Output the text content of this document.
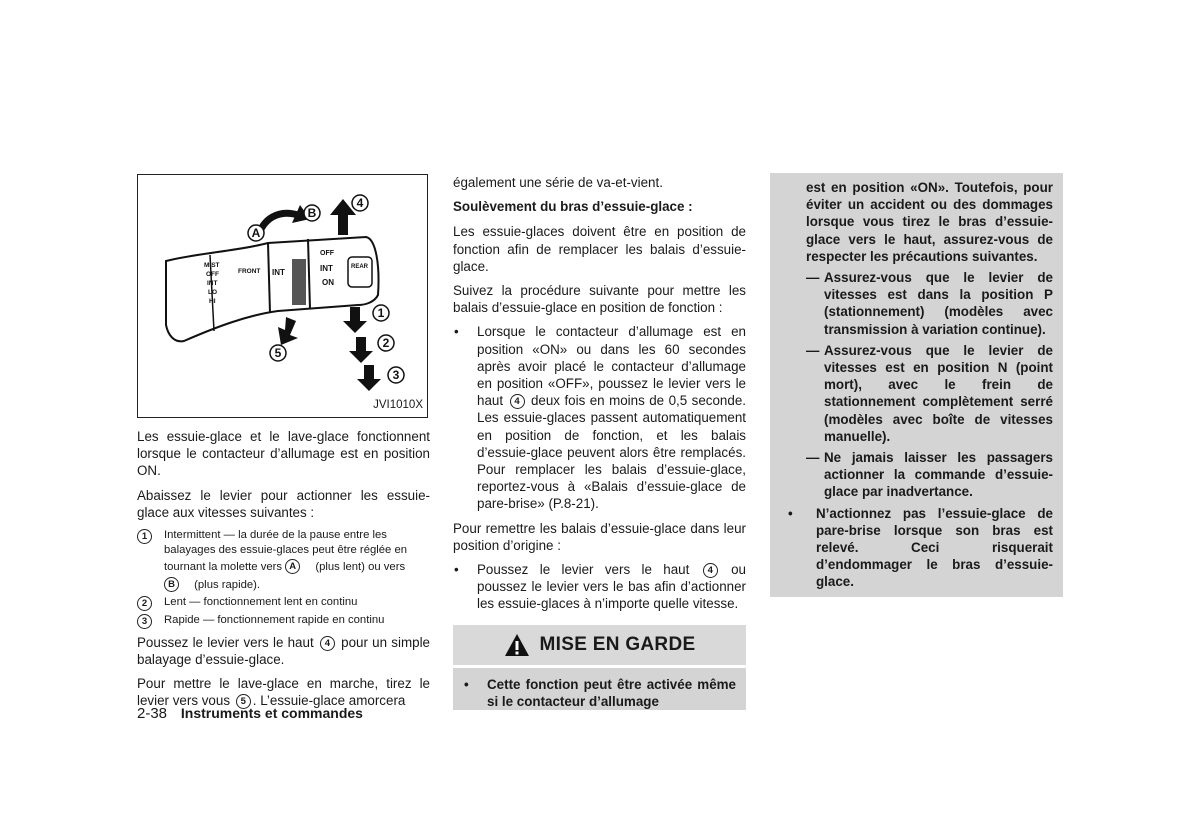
MIST
OFF
INT
LO
HI
FRONT INT
OFF
INT
ON
REAR
A
B
1
2
3
4
5
JVI1010X

Les essuie-glace et le lave-glace fonctionnent lorsque le contacteur d’allumage est en position ON.

Abaissez le levier pour actionner les essuie-glace aux vitesses suivantes :

1	Intermittent — la durée de la pause entre les balayages des essuie-glaces peut être réglée en tournant la molette vers A (plus lent) ou vers B (plus rapide).
2	Lent — fonctionnement lent en continu
3	Rapide — fonctionnement rapide en continu

Poussez le levier vers le haut 4 pour un simple balayage d’essuie-glace.

Pour mettre le lave-glace en marche, tirez le levier vers vous 5 . L’essuie-glace amorcera

également une série de va-et-vient.

Soulèvement du bras d’essuie-glace :

Les essuie-glaces doivent être en position de fonction afin de remplacer les balais d’essuie-glace.

Suivez la procédure suivante pour mettre les balais d’essuie-glace en position de fonction :

• Lorsque le contacteur d’allumage est en position «ON» ou dans les 60 secondes après avoir placé le contacteur d’allumage en position «OFF», poussez le levier vers le haut 4 deux fois en moins de 0,5 seconde. Les essuie-glaces passent automatiquement en position de fonction, et les balais d’essuie-glace peuvent alors être remplacés. Pour remplacer les balais d’essuie-glace, reportez-vous à «Balais d’essuie-glace de pare-brise» (P.8-21).

Pour remettre les balais d’essuie-glace dans leur position d’origine :

• Poussez le levier vers le haut 4 ou poussez le levier vers le bas afin d’actionner les essuie-glaces à n’importe quelle vitesse.
MISE EN GARDE
• Cette fonction peut être activée même si le contacteur d’allumage

est en position «ON». Toutefois, pour éviter un accident ou des dommages lorsque vous tirez le bras d’essuie-glace vers le haut, assurez-vous de respecter les précautions suivantes.

— Assurez-vous que le levier de vitesses est dans la position P (stationnement) (modèles avec transmission à variation continue).
— Assurez-vous que le levier de vitesses est en position N (point mort), avec le frein de stationnement complètement serré (modèles avec boîte de vitesses manuelle).
— Ne jamais laisser les passagers actionner la commande d’essuie-glace par inadvertance.
• N’actionnez pas l’essuie-glace de pare-brise lorsque son bras est relevé. Ceci risquerait d’endommager le bras d’essuie-glace.
2-38 Instruments et commandes
